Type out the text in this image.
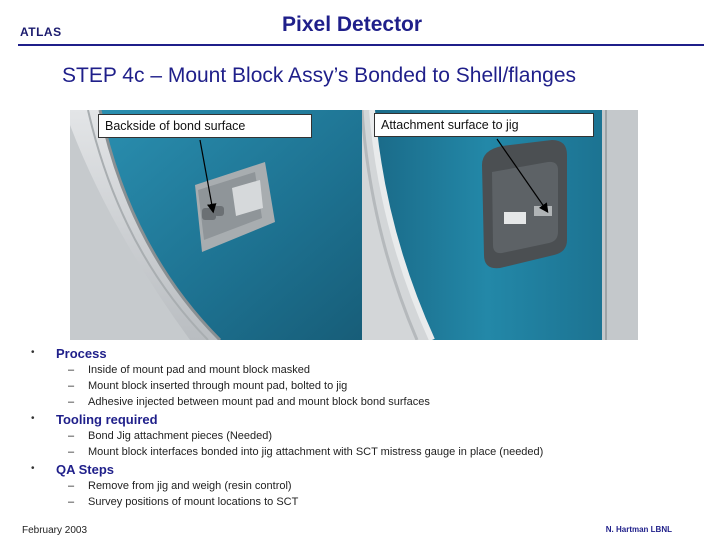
ATLAS	Pixel Detector
STEP 4c – Mount Block Assy’s Bonded to Shell/flanges
Backside of bond surface	Attachment surface to jig
• Process
– Inside of mount pad and mount block masked
– Mount block inserted through mount pad, bolted to jig
– Adhesive injected between mount pad and mount block bond surfaces
• Tooling required
– Bond Jig attachment pieces (Needed)
– Mount block interfaces bonded into jig attachment with SCT mistress gauge in place (needed)
• QA Steps
– Remove from jig and weigh (resin control)
– Survey positions of mount locations to SCT
February 2003	N. Hartman LBNL
